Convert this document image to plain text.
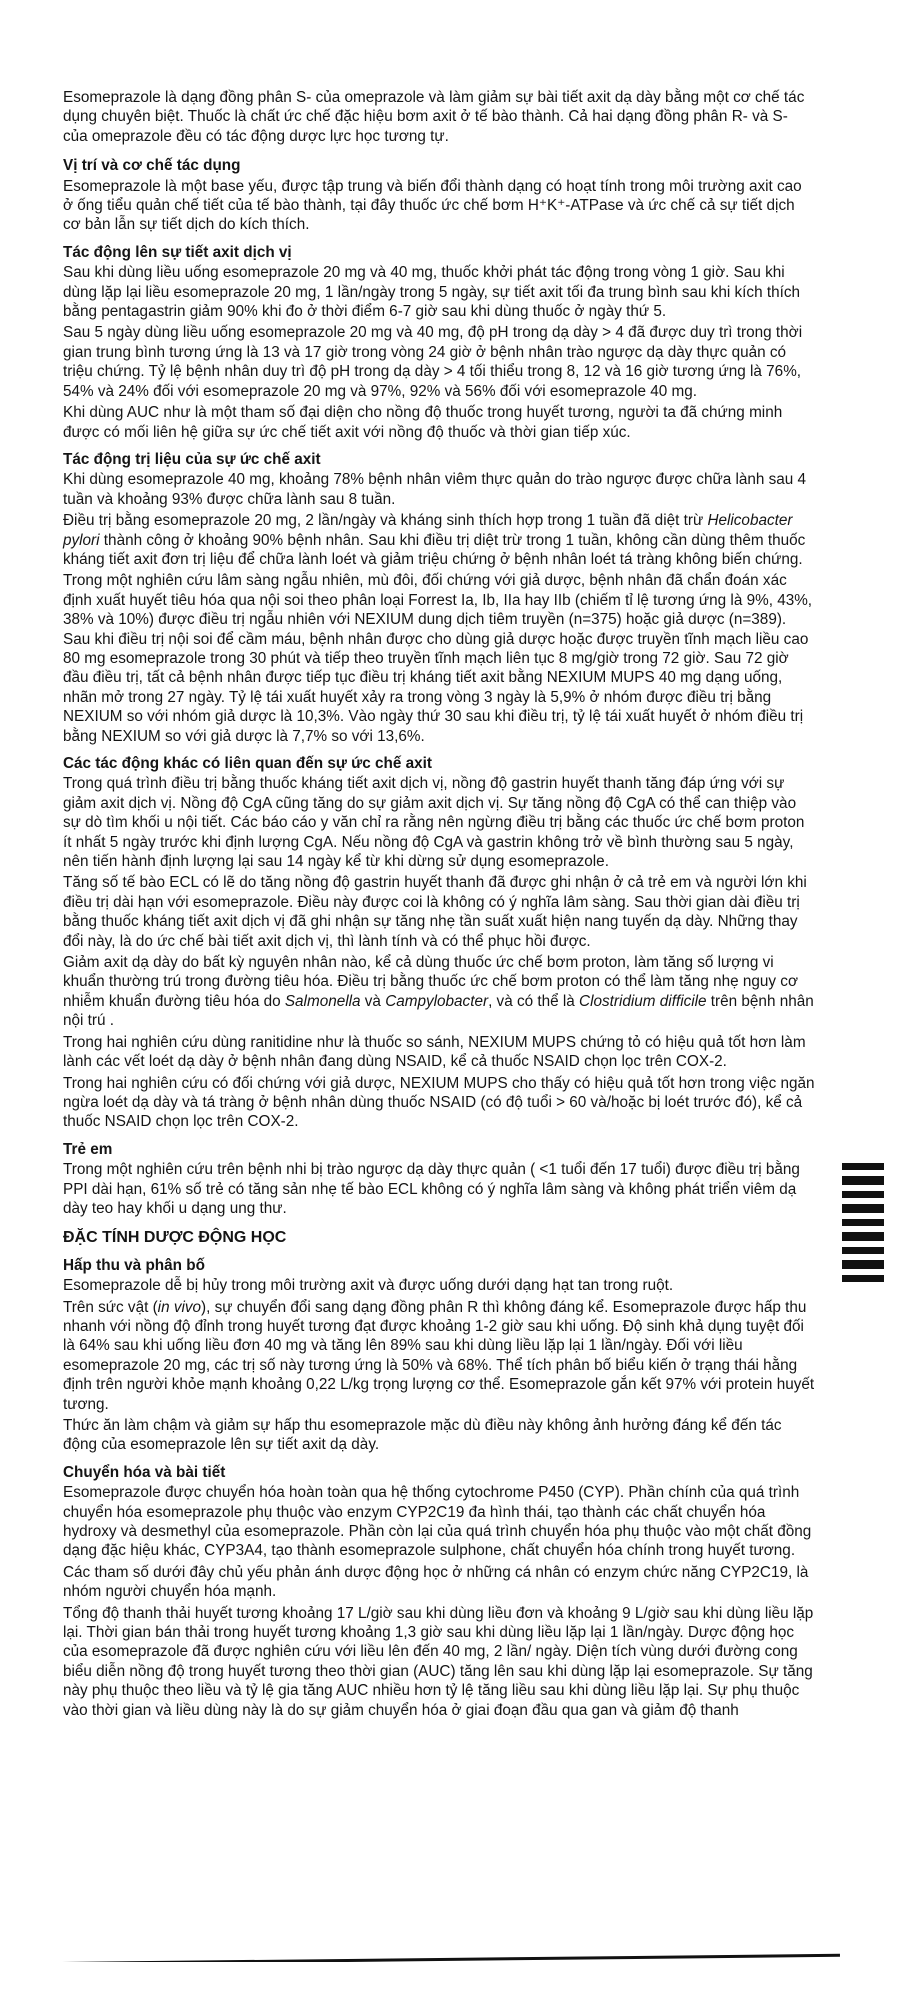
Esomeprazole là dạng đồng phân S- của omeprazole và làm giảm sự bài tiết axit dạ dày bằng một cơ chế tác dụng chuyên biệt. Thuốc là chất ức chế đặc hiệu bơm axit ở tế bào thành. Cả hai dạng đồng phân R- và S- của omeprazole đều có tác động dược lực học tương tự.

Vị trí và cơ chế tác dụng

Esomeprazole là một base yếu, được tập trung và biến đổi thành dạng có hoạt tính trong môi trường axit cao ở ống tiểu quản chế tiết của tế bào thành, tại đây thuốc ức chế bơm H⁺K⁺-ATPase và ức chế cả sự tiết dịch cơ bản lẫn sự tiết dịch do kích thích.

Tác động lên sự tiết axit dịch vị

Sau khi dùng liều uống esomeprazole 20 mg và 40 mg, thuốc khởi phát tác động trong vòng 1 giờ. Sau khi dùng lặp lại liều esomeprazole 20 mg, 1 lần/ngày trong 5 ngày, sự tiết axit tối đa trung bình sau khi kích thích bằng pentagastrin giảm 90% khi đo ở thời điểm 6-7 giờ sau khi dùng thuốc ở ngày thứ 5.

Sau 5 ngày dùng liều uống esomeprazole 20 mg và 40 mg, độ pH trong dạ dày > 4 đã được duy trì trong thời gian trung bình tương ứng là 13 và 17 giờ trong vòng 24 giờ ở bệnh nhân trào ngược dạ dày thực quản có triệu chứng. Tỷ lệ bệnh nhân duy trì độ pH trong dạ dày > 4 tối thiểu trong 8, 12 và 16 giờ tương ứng là 76%, 54% và 24% đối với esomeprazole 20 mg và 97%, 92% và 56% đối với esomeprazole 40 mg.

Khi dùng AUC như là một tham số đại diện cho nồng độ thuốc trong huyết tương, người ta đã chứng minh được có mối liên hệ giữa sự ức chế tiết axit với nồng độ thuốc và thời gian tiếp xúc.

Tác động trị liệu của sự ức chế axit

Khi dùng esomeprazole 40 mg, khoảng 78% bệnh nhân viêm thực quản do trào ngược được chữa lành sau 4 tuần và khoảng 93% được chữa lành sau 8 tuần.

Điều trị bằng esomeprazole 20 mg, 2 lần/ngày và kháng sinh thích hợp trong 1 tuần đã diệt trừ Helicobacter pylori thành công ở khoảng 90% bệnh nhân. Sau khi điều trị diệt trừ trong 1 tuần, không cần dùng thêm thuốc kháng tiết axit đơn trị liệu để chữa lành loét và giảm triệu chứng ở bệnh nhân loét tá tràng không biến chứng.

Trong một nghiên cứu lâm sàng ngẫu nhiên, mù đôi, đối chứng với giả dược, bệnh nhân đã chẩn đoán xác định xuất huyết tiêu hóa qua nội soi theo phân loại Forrest Ia, Ib, IIa hay IIb (chiếm tỉ lệ tương ứng là 9%, 43%, 38% và 10%) được điều trị ngẫu nhiên với NEXIUM dung dịch tiêm truyền (n=375) hoặc giả dược (n=389). Sau khi điều trị nội soi để cầm máu, bệnh nhân được cho dùng giả dược hoặc được truyền tĩnh mạch liều cao 80 mg esomeprazole trong 30 phút và tiếp theo truyền tĩnh mạch liên tục 8 mg/giờ trong 72 giờ. Sau 72 giờ đầu điều trị, tất cả bệnh nhân được tiếp tục điều trị kháng tiết axit bằng NEXIUM MUPS 40 mg dạng uống, nhãn mở trong 27 ngày. Tỷ lệ tái xuất huyết xảy ra trong vòng 3 ngày là 5,9% ở nhóm được điều trị bằng NEXIUM so với nhóm giả dược là 10,3%. Vào ngày thứ 30 sau khi điều trị, tỷ lệ tái xuất huyết ở nhóm điều trị bằng NEXIUM so với giả dược là 7,7% so với 13,6%.

Các tác động khác có liên quan đến sự ức chế axit

Trong quá trình điều trị bằng thuốc kháng tiết axit dịch vị, nồng độ gastrin huyết thanh tăng đáp ứng với sự giảm axit dịch vị. Nồng độ CgA cũng tăng do sự giảm axit dịch vị. Sự tăng nồng độ CgA có thể can thiệp vào sự dò tìm khối u nội tiết. Các báo cáo y văn chỉ ra rằng nên ngừng điều trị bằng các thuốc ức chế bơm proton ít nhất 5 ngày trước khi định lượng CgA. Nếu nồng độ CgA và gastrin không trở về bình thường sau 5 ngày, nên tiến hành định lượng lại sau 14 ngày kể từ khi dừng sử dụng esomeprazole.

Tăng số tế bào ECL có lẽ do tăng nồng độ gastrin huyết thanh đã được ghi nhận ở cả trẻ em và người lớn khi điều trị dài hạn với esomeprazole. Điều này được coi là không có ý nghĩa lâm sàng. Sau thời gian dài điều trị bằng thuốc kháng tiết axit dịch vị đã ghi nhận sự tăng nhẹ tần suất xuất hiện nang tuyến dạ dày. Những thay đổi này, là do ức chế bài tiết axit dịch vị, thì lành tính và có thể phục hồi được.

Giảm axit dạ dày do bất kỳ nguyên nhân nào, kể cả dùng thuốc ức chế bơm proton, làm tăng số lượng vi khuẩn thường trú trong đường tiêu hóa. Điều trị bằng thuốc ức chế bơm proton có thể làm tăng nhẹ nguy cơ nhiễm khuẩn đường tiêu hóa do Salmonella và Campylobacter, và có thể là Clostridium difficile trên bệnh nhân nội trú .

Trong hai nghiên cứu dùng ranitidine như là thuốc so sánh, NEXIUM MUPS chứng tỏ có hiệu quả tốt hơn làm lành các vết loét dạ dày ở bệnh nhân đang dùng NSAID, kể cả thuốc NSAID chọn lọc trên COX-2.

Trong hai nghiên cứu có đối chứng với giả dược, NEXIUM MUPS cho thấy có hiệu quả tốt hơn trong việc ngăn ngừa loét dạ dày và tá tràng ở bệnh nhân dùng thuốc NSAID (có độ tuổi > 60 và/hoặc bị loét trước đó), kể cả thuốc NSAID chọn lọc trên COX-2.

Trẻ em

Trong một nghiên cứu trên bệnh nhi bị trào ngược dạ dày thực quản ( <1 tuổi đến 17 tuổi) được điều trị bằng PPI dài hạn, 61% số trẻ có tăng sản nhẹ tế bào ECL không có ý nghĩa lâm sàng và không phát triển viêm dạ dày teo hay khối u dạng ung thư.

ĐẶC TÍNH DƯỢC ĐỘNG HỌC
Hấp thu và phân bố

Esomeprazole dễ bị hủy trong môi trường axit và được uống dưới dạng hạt tan trong ruột.

Trên sức vật (in vivo), sự chuyển đổi sang dạng đồng phân R thì không đáng kể. Esomeprazole được hấp thu nhanh với nồng độ đỉnh trong huyết tương đạt được khoảng 1-2 giờ sau khi uống. Độ sinh khả dụng tuyệt đối là 64% sau khi uống liều đơn 40 mg và tăng lên 89% sau khi dùng liều lặp lại 1 lần/ngày. Đối với liều esomeprazole 20 mg, các trị số này tương ứng là 50% và 68%. Thể tích phân bố biểu kiến ở trạng thái hằng định trên người khỏe mạnh khoảng 0,22 L/kg trọng lượng cơ thể. Esomeprazole gắn kết 97% với protein huyết tương.

Thức ăn làm chậm và giảm sự hấp thu esomeprazole mặc dù điều này không ảnh hưởng đáng kể đến tác động của esomeprazole lên sự tiết axit dạ dày.

Chuyển hóa và bài tiết

Esomeprazole được chuyển hóa hoàn toàn qua hệ thống cytochrome P450 (CYP). Phần chính của quá trình chuyển hóa esomeprazole phụ thuộc vào enzym CYP2C19 đa hình thái, tạo thành các chất chuyển hóa hydroxy và desmethyl của esomeprazole. Phần còn lại của quá trình chuyển hóa phụ thuộc vào một chất đồng dạng đặc hiệu khác, CYP3A4, tạo thành esomeprazole sulphone, chất chuyển hóa chính trong huyết tương.

Các tham số dưới đây chủ yếu phản ánh dược động học ở những cá nhân có enzym chức năng CYP2C19, là nhóm người chuyển hóa mạnh.

Tổng độ thanh thải huyết tương khoảng 17 L/giờ sau khi dùng liều đơn và khoảng 9 L/giờ sau khi dùng liều lặp lại. Thời gian bán thải trong huyết tương khoảng 1,3 giờ sau khi dùng liều lặp lại 1 lần/ngày. Dược động học của esomeprazole đã được nghiên cứu với liều lên đến 40 mg, 2 lần/ ngày. Diện tích vùng dưới đường cong biểu diễn nồng độ trong huyết tương theo thời gian (AUC) tăng lên sau khi dùng lặp lại esomeprazole. Sự tăng này phụ thuộc theo liều và tỷ lệ gia tăng AUC nhiều hơn tỷ lệ tăng liều sau khi dùng liều lặp lại. Sự phụ thuộc vào thời gian và liều dùng này là do sự giảm chuyển hóa ở giai đoạn đầu qua gan và giảm độ thanh
